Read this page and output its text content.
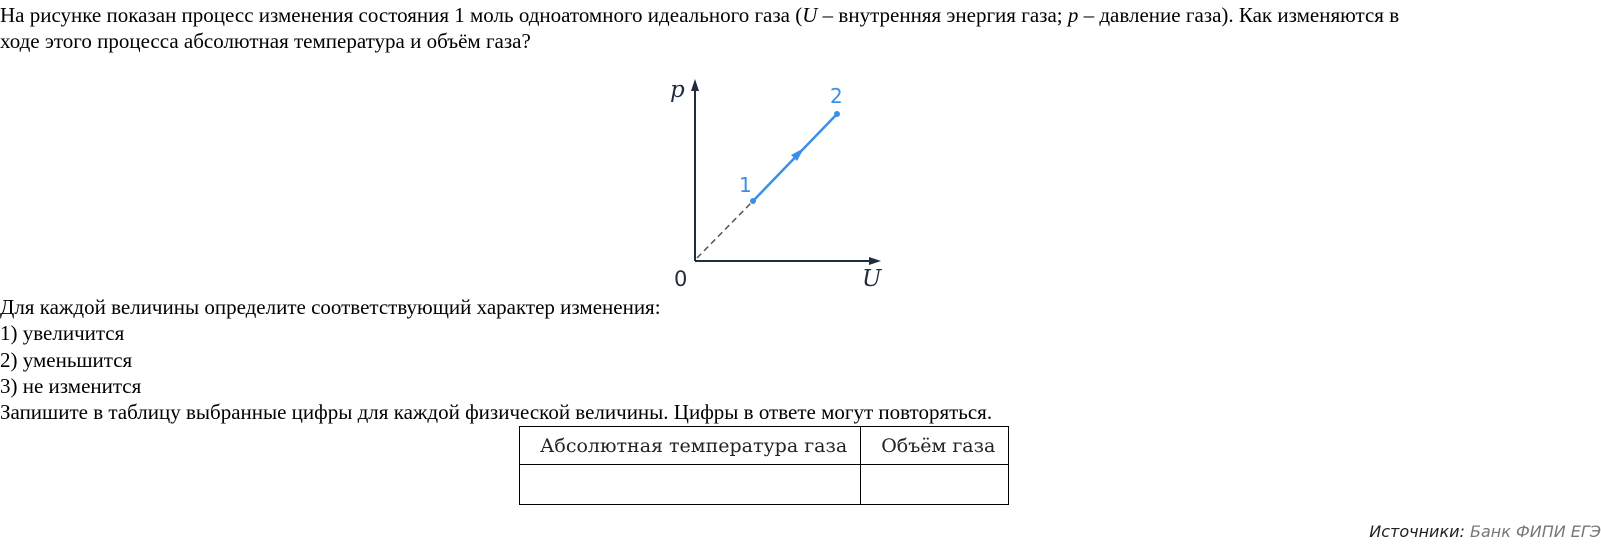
На рисунке показан процесс изменения состояния 1 моль одноатомного идеального газа (U – внутренняя энергия газа; p – давление газа). Как изменяются в
ходе этого процесса абсолютная температура и объём газа?
p
U
0
1
2
Для каждой величины определите соответствующий характер изменения:
1) увеличится
2) уменьшится
3) не изменится
Запишите в таблицу выбранные цифры для каждой физической величины. Цифры в ответе могут повторяться.
Абсолютная температура газа	Объём газа

Источники: Банк ФИПИ ЕГЭ
